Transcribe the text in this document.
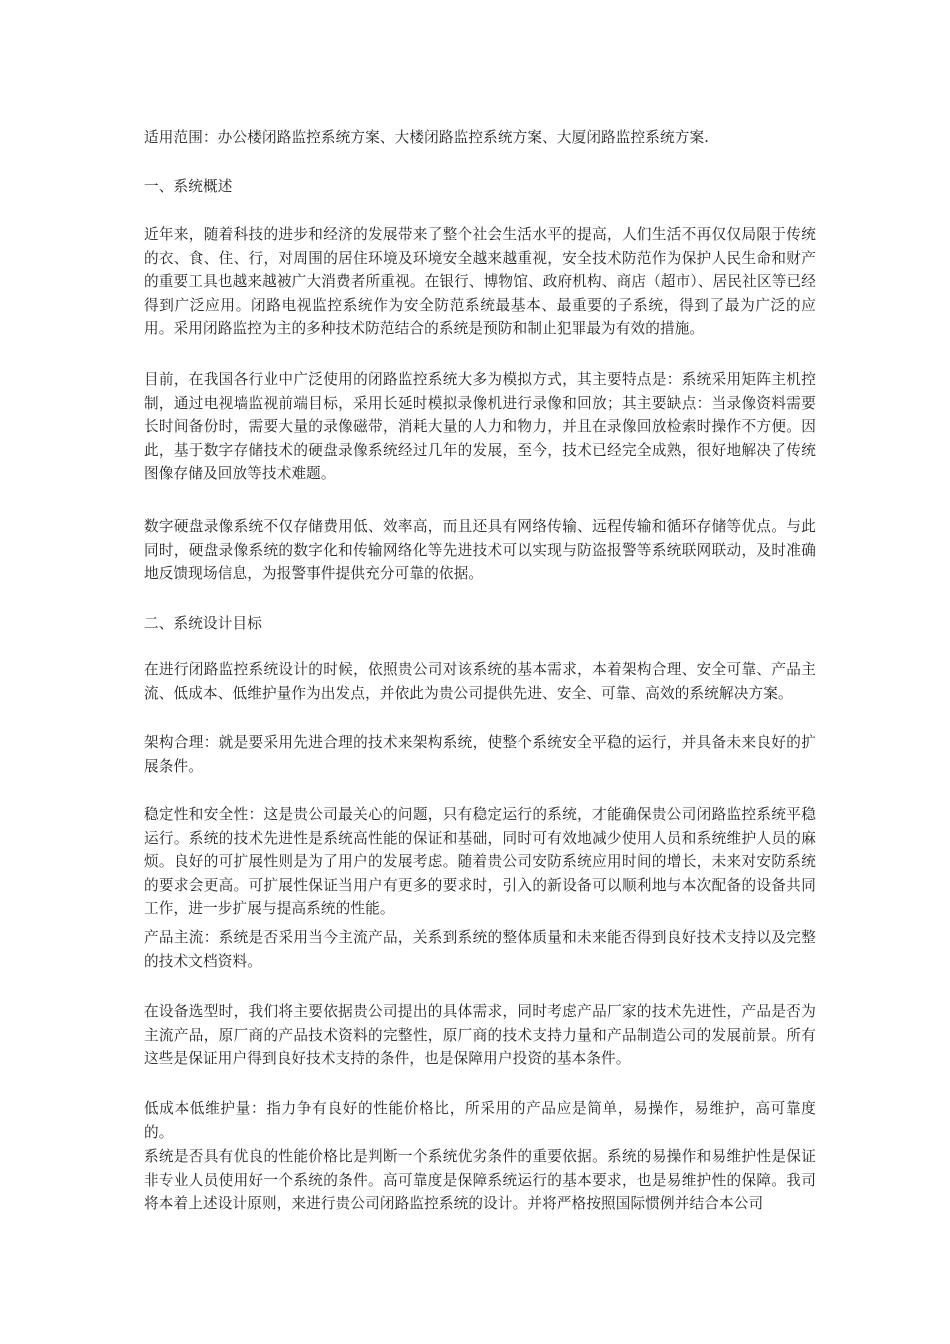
适用范围：办公楼闭路监控系统方案、大楼闭路监控系统方案、大厦闭路监控系统方案.

一、系统概述

近年来，随着科技的进步和经济的发展带来了整个社会生活水平的提高，人们生活不再仅仅局限于传统的衣、食、住、行，对周围的居住环境及环境安全越来越重视，安全技术防范作为保护人民生命和财产的重要工具也越来越被广大消费者所重视。在银行、博物馆、政府机构、商店（超市）、居民社区等已经得到广泛应用。闭路电视监控系统作为安全防范系统最基本、最重要的子系统，得到了最为广泛的应用。采用闭路监控为主的多种技术防范结合的系统是预防和制止犯罪最为有效的措施。

目前，在我国各行业中广泛使用的闭路监控系统大多为模拟方式，其主要特点是：系统采用矩阵主机控制，通过电视墙监视前端目标，采用长延时模拟录像机进行录像和回放；其主要缺点：当录像资料需要长时间备份时，需要大量的录像磁带，消耗大量的人力和物力，并且在录像回放检索时操作不方便。因此，基于数字存储技术的硬盘录像系统经过几年的发展，至今，技术已经完全成熟，很好地解决了传统图像存储及回放等技术难题。

数字硬盘录像系统不仅存储费用低、效率高，而且还具有网络传输、远程传输和循环存储等优点。与此同时，硬盘录像系统的数字化和传输网络化等先进技术可以实现与防盗报警等系统联网联动，及时准确地反馈现场信息，为报警事件提供充分可靠的依据。

二、系统设计目标

在进行闭路监控系统设计的时候，依照贵公司对该系统的基本需求，本着架构合理、安全可靠、产品主流、低成本、低维护量作为出发点，并依此为贵公司提供先进、安全、可靠、高效的系统解决方案。

架构合理：就是要采用先进合理的技术来架构系统，使整个系统安全平稳的运行，并具备未来良好的扩展条件。

稳定性和安全性：这是贵公司最关心的问题，只有稳定运行的系统，才能确保贵公司闭路监控系统平稳运行。系统的技术先进性是系统高性能的保证和基础，同时可有效地减少使用人员和系统维护人员的麻烦。良好的可扩展性则是为了用户的发展考虑。随着贵公司安防系统应用时间的增长，未来对安防系统的要求会更高。可扩展性保证当用户有更多的要求时，引入的新设备可以顺利地与本次配备的设备共同工作，进一步扩展与提高系统的性能。

产品主流：系统是否采用当今主流产品，关系到系统的整体质量和未来能否得到良好技术支持以及完整的技术文档资料。

在设备选型时，我们将主要依据贵公司提出的具体需求，同时考虑产品厂家的技术先进性，产品是否为主流产品，原厂商的产品技术资料的完整性，原厂商的技术支持力量和产品制造公司的发展前景。所有这些是保证用户得到良好技术支持的条件，也是保障用户投资的基本条件。

低成本低维护量：指力争有良好的性能价格比，所采用的产品应是简单，易操作，易维护，高可靠度的。

系统是否具有优良的性能价格比是判断一个系统优劣条件的重要依据。系统的易操作和易维护性是保证非专业人员使用好一个系统的条件。高可靠度是保障系统运行的基本要求，也是易维护性的保障。我司将本着上述设计原则，来进行贵公司闭路监控系统的设计。并将严格按照国际惯例并结合本公司
